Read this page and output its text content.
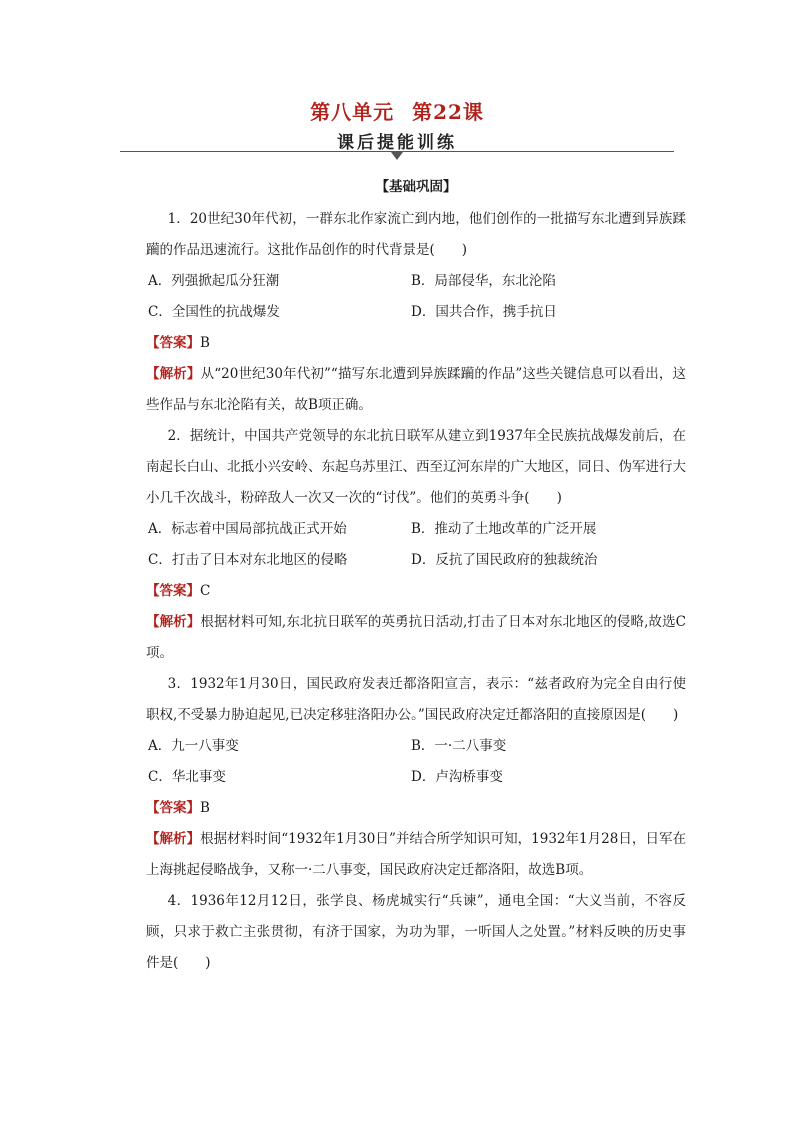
第八单元 第22课
课后提能训练
【基础巩固】

1．20世纪30年代初，一群东北作家流亡到内地，他们创作的一批描写东北遭到异族蹂躏的作品迅速流行。这批作品创作的时代背景是(　　)

A．列强掀起瓜分狂潮	B．局部侵华，东北沦陷
C．全国性的抗战爆发	D．国共合作，携手抗日

【答案】B

【解析】从“20世纪30年代初”“描写东北遭到异族蹂躏的作品”这些关键信息可以看出，这些作品与东北沦陷有关，故B项正确。

2．据统计，中国共产党领导的东北抗日联军从建立到1937年全民族抗战爆发前后，在南起长白山、北抵小兴安岭、东起乌苏里江、西至辽河东岸的广大地区，同日、伪军进行大小几千次战斗，粉碎敌人一次又一次的“讨伐”。他们的英勇斗争(　　)

A．标志着中国局部抗战正式开始	B．推动了土地改革的广泛开展
C．打击了日本对东北地区的侵略	D．反抗了国民政府的独裁统治

【答案】C

【解析】根据材料可知,东北抗日联军的英勇抗日活动,打击了日本对东北地区的侵略,故选C项。

3．1932年1月30日，国民政府发表迁都洛阳宣言，表示：“兹者政府为完全自由行使职权,不受暴力胁迫起见,已决定移驻洛阳办公。”国民政府决定迁都洛阳的直接原因是(　　)

A．九一八事变	B．一·二八事变
C．华北事变	D．卢沟桥事变

【答案】B

【解析】根据材料时间“1932年1月30日”并结合所学知识可知，1932年1月28日，日军在上海挑起侵略战争，又称一·二八事变，国民政府决定迁都洛阳，故选B项。

4．1936年12月12日，张学良、杨虎城实行“兵谏”，通电全国：“大义当前，不容反顾，只求于救亡主张贯彻，有济于国家，为功为罪，一听国人之处置。”材料反映的历史事件是(　　)
